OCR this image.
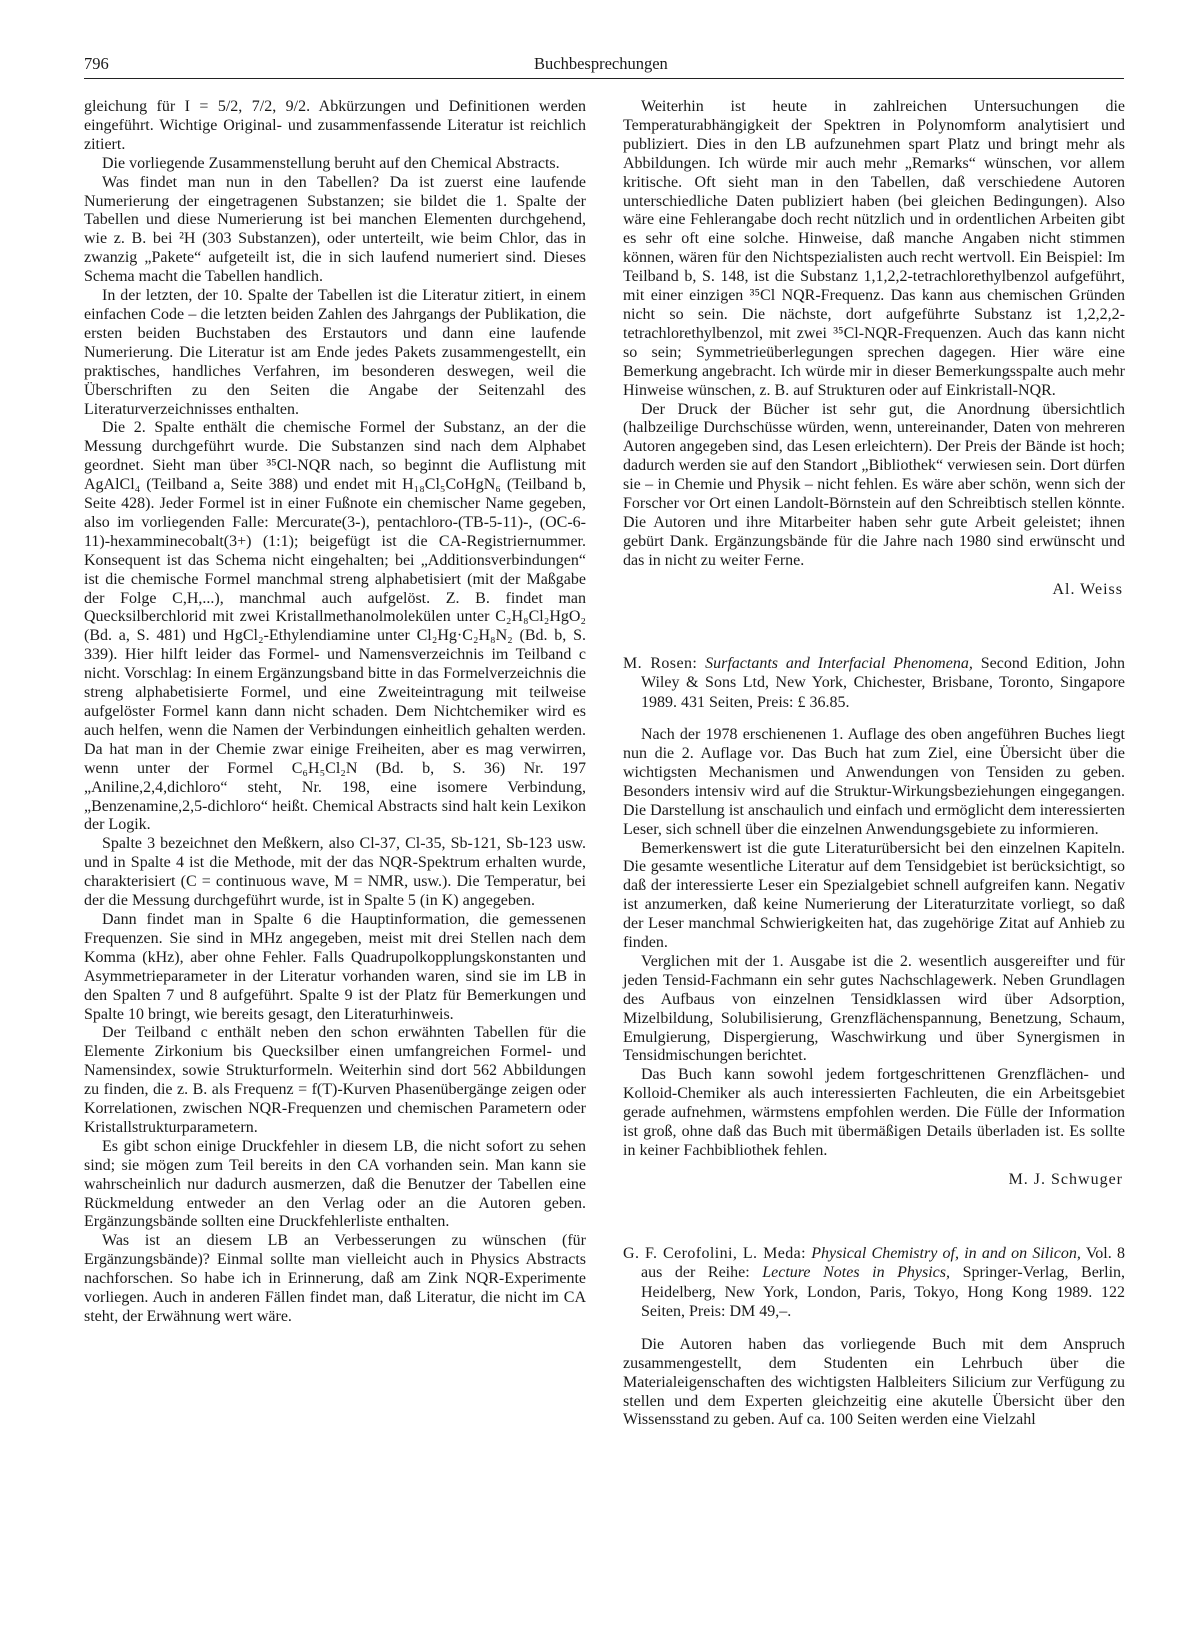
796	Buchbesprechungen

gleichung für I = 5/2, 7/2, 9/2. Abkürzungen und Definitionen werden eingeführt. Wichtige Original- und zusammenfassende Literatur ist reichlich zitiert.

Die vorliegende Zusammenstellung beruht auf den Chemical Abstracts.

Was findet man nun in den Tabellen? Da ist zuerst eine laufende Numerierung der eingetragenen Substanzen; sie bildet die 1. Spalte der Tabellen und diese Numerierung ist bei manchen Elementen durchgehend, wie z. B. bei ²H (303 Substanzen), oder unterteilt, wie beim Chlor, das in zwanzig „Pakete“ aufgeteilt ist, die in sich laufend numeriert sind. Dieses Schema macht die Tabellen handlich.

In der letzten, der 10. Spalte der Tabellen ist die Literatur zitiert, in einem einfachen Code – die letzten beiden Zahlen des Jahrgangs der Publikation, die ersten beiden Buchstaben des Erstautors und dann eine laufende Numerierung. Die Literatur ist am Ende jedes Pakets zusammengestellt, ein praktisches, handliches Verfahren, im besonderen deswegen, weil die Überschriften zu den Seiten die Angabe der Seitenzahl des Literaturverzeichnisses enthalten.

Die 2. Spalte enthält die chemische Formel der Substanz, an der die Messung durchgeführt wurde. Die Substanzen sind nach dem Alphabet geordnet. Sieht man über ³⁵Cl-NQR nach, so beginnt die Auflistung mit AgAlCl₄ (Teilband a, Seite 388) und endet mit H₁₈Cl₅CoHgN₆ (Teilband b, Seite 428). Jeder Formel ist in einer Fußnote ein chemischer Name gegeben, also im vorliegenden Falle: Mercurate(3-), pentachloro-(TB-5-11)-, (OC-6-11)-hexamminecobalt(3+) (1:1); beigefügt ist die CA-Registriernummer. Konsequent ist das Schema nicht eingehalten; bei „Additionsverbindungen“ ist die chemische Formel manchmal streng alphabetisiert (mit der Maßgabe der Folge C,H,...), manchmal auch aufgelöst. Z. B. findet man Quecksilberchlorid mit zwei Kristallmethanolmolekülen unter C₂H₈Cl₂HgO₂ (Bd. a, S. 481) und HgCl₂-Ethylendiamine unter Cl₂Hg·C₂H₈N₂ (Bd. b, S. 339). Hier hilft leider das Formel- und Namensverzeichnis im Teilband c nicht. Vorschlag: In einem Ergänzungsband bitte in das Formelverzeichnis die streng alphabetisierte Formel, und eine Zweiteintragung mit teilweise aufgelöster Formel kann dann nicht schaden. Dem Nichtchemiker wird es auch helfen, wenn die Namen der Verbindungen einheitlich gehalten werden. Da hat man in der Chemie zwar einige Freiheiten, aber es mag verwirren, wenn unter der Formel C₆H₅Cl₂N (Bd. b, S. 36) Nr. 197 „Aniline,2,4,dichloro“ steht, Nr. 198, eine isomere Verbindung, „Benzenamine,2,5-dichloro“ heißt. Chemical Abstracts sind halt kein Lexikon der Logik.

Spalte 3 bezeichnet den Meßkern, also Cl-37, Cl-35, Sb-121, Sb-123 usw. und in Spalte 4 ist die Methode, mit der das NQR-Spektrum erhalten wurde, charakterisiert (C = continuous wave, M = NMR, usw.). Die Temperatur, bei der die Messung durchgeführt wurde, ist in Spalte 5 (in K) angegeben.

Dann findet man in Spalte 6 die Hauptinformation, die gemessenen Frequenzen. Sie sind in MHz angegeben, meist mit drei Stellen nach dem Komma (kHz), aber ohne Fehler. Falls Quadrupolkopplungskonstanten und Asymmetrieparameter in der Literatur vorhanden waren, sind sie im LB in den Spalten 7 und 8 aufgeführt. Spalte 9 ist der Platz für Bemerkungen und Spalte 10 bringt, wie bereits gesagt, den Literaturhinweis.

Der Teilband c enthält neben den schon erwähnten Tabellen für die Elemente Zirkonium bis Quecksilber einen umfangreichen Formel- und Namensindex, sowie Strukturformeln. Weiterhin sind dort 562 Abbildungen zu finden, die z. B. als Frequenz = f(T)-Kurven Phasenübergänge zeigen oder Korrelationen, zwischen NQR-Frequenzen und chemischen Parametern oder Kristallstrukturparametern.

Es gibt schon einige Druckfehler in diesem LB, die nicht sofort zu sehen sind; sie mögen zum Teil bereits in den CA vorhanden sein. Man kann sie wahrscheinlich nur dadurch ausmerzen, daß die Benutzer der Tabellen eine Rückmeldung entweder an den Verlag oder an die Autoren geben. Ergänzungsbände sollten eine Druckfehlerliste enthalten.

Was ist an diesem LB an Verbesserungen zu wünschen (für Ergänzungsbände)? Einmal sollte man vielleicht auch in Physics Abstracts nachforschen. So habe ich in Erinnerung, daß am Zink NQR-Experimente vorliegen. Auch in anderen Fällen findet man, daß Literatur, die nicht im CA steht, der Erwähnung wert wäre.

Weiterhin ist heute in zahlreichen Untersuchungen die Temperaturabhängigkeit der Spektren in Polynomform analytisiert und publiziert. Dies in den LB aufzunehmen spart Platz und bringt mehr als Abbildungen. Ich würde mir auch mehr „Remarks“ wünschen, vor allem kritische. Oft sieht man in den Tabellen, daß verschiedene Autoren unterschiedliche Daten publiziert haben (bei gleichen Bedingungen). Also wäre eine Fehlerangabe doch recht nützlich und in ordentlichen Arbeiten gibt es sehr oft eine solche. Hinweise, daß manche Angaben nicht stimmen können, wären für den Nichtspezialisten auch recht wertvoll. Ein Beispiel: Im Teilband b, S. 148, ist die Substanz 1,1,2,2-tetrachlorethylbenzol aufgeführt, mit einer einzigen ³⁵Cl NQR-Frequenz. Das kann aus chemischen Gründen nicht so sein. Die nächste, dort aufgeführte Substanz ist 1,2,2,2-tetrachlorethylbenzol, mit zwei ³⁵Cl-NQR-Frequenzen. Auch das kann nicht so sein; Symmetrieüberlegungen sprechen dagegen. Hier wäre eine Bemerkung angebracht. Ich würde mir in dieser Bemerkungsspalte auch mehr Hinweise wünschen, z. B. auf Strukturen oder auf Einkristall-NQR.

Der Druck der Bücher ist sehr gut, die Anordnung übersichtlich (halbzeilige Durchschüsse würden, wenn, untereinander, Daten von mehreren Autoren angegeben sind, das Lesen erleichtern). Der Preis der Bände ist hoch; dadurch werden sie auf den Standort „Bibliothek“ verwiesen sein. Dort dürfen sie – in Chemie und Physik – nicht fehlen. Es wäre aber schön, wenn sich der Forscher vor Ort einen Landolt-Börnstein auf den Schreibtisch stellen könnte. Die Autoren und ihre Mitarbeiter haben sehr gute Arbeit geleistet; ihnen gebürt Dank. Ergänzungsbände für die Jahre nach 1980 sind erwünscht und das in nicht zu weiter Ferne.

Al. Weiss
M. Rosen: Surfactants and Interfacial Phenomena, Second Edition, John Wiley & Sons Ltd, New York, Chichester, Brisbane, Toronto, Singapore 1989. 431 Seiten, Preis: £ 36.85.

Nach der 1978 erschienenen 1. Auflage des oben angeführen Buches liegt nun die 2. Auflage vor. Das Buch hat zum Ziel, eine Übersicht über die wichtigsten Mechanismen und Anwendungen von Tensiden zu geben. Besonders intensiv wird auf die Struktur-Wirkungsbeziehungen eingegangen. Die Darstellung ist anschaulich und einfach und ermöglicht dem interessierten Leser, sich schnell über die einzelnen Anwendungsgebiete zu informieren.

Bemerkenswert ist die gute Literaturübersicht bei den einzelnen Kapiteln. Die gesamte wesentliche Literatur auf dem Tensidgebiet ist berücksichtigt, so daß der interessierte Leser ein Spezialgebiet schnell aufgreifen kann. Negativ ist anzumerken, daß keine Numerierung der Literaturzitate vorliegt, so daß der Leser manchmal Schwierigkeiten hat, das zugehörige Zitat auf Anhieb zu finden.

Verglichen mit der 1. Ausgabe ist die 2. wesentlich ausgereifter und für jeden Tensid-Fachmann ein sehr gutes Nachschlagewerk. Neben Grundlagen des Aufbaus von einzelnen Tensidklassen wird über Adsorption, Mizelbildung, Solubilisierung, Grenzflächenspannung, Benetzung, Schaum, Emulgierung, Dispergierung, Waschwirkung und über Synergismen in Tensidmischungen berichtet.

Das Buch kann sowohl jedem fortgeschrittenen Grenzflächen- und Kolloid-Chemiker als auch interessierten Fachleuten, die ein Arbeitsgebiet gerade aufnehmen, wärmstens empfohlen werden. Die Fülle der Information ist groß, ohne daß das Buch mit übermäßigen Details überladen ist. Es sollte in keiner Fachbibliothek fehlen.

M. J. Schwuger
G. F. Cerofolini, L. Meda: Physical Chemistry of, in and on Silicon, Vol. 8 aus der Reihe: Lecture Notes in Physics, Springer-Verlag, Berlin, Heidelberg, New York, London, Paris, Tokyo, Hong Kong 1989. 122 Seiten, Preis: DM 49,–.

Die Autoren haben das vorliegende Buch mit dem Anspruch zusammengestellt, dem Studenten ein Lehrbuch über die Materialeigenschaften des wichtigsten Halbleiters Silicium zur Verfügung zu stellen und dem Experten gleichzeitig eine akutelle Übersicht über den Wissensstand zu geben. Auf ca. 100 Seiten werden eine Vielzahl
